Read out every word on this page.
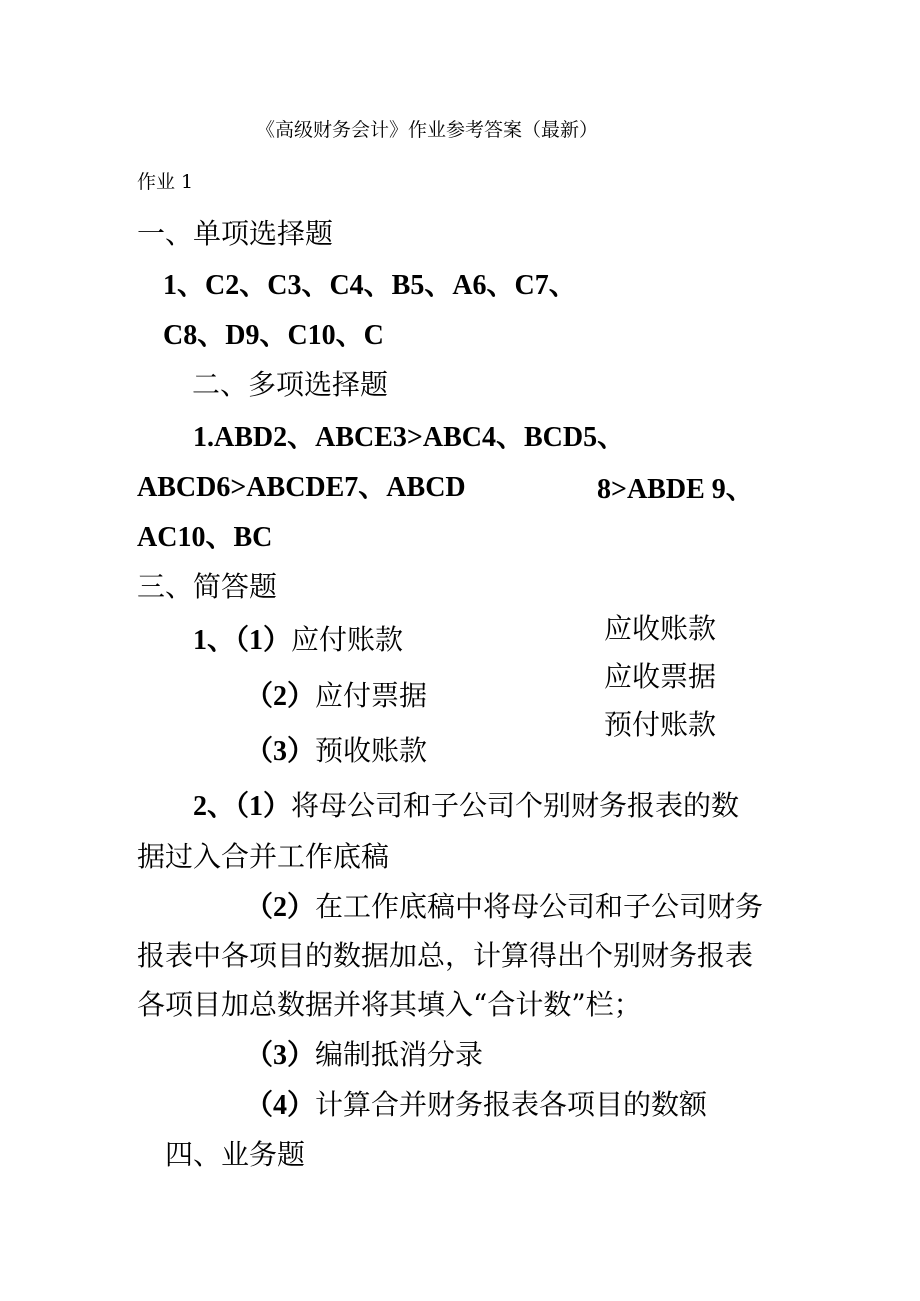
《高级财务会计》作业参考答案（最新）
作业 1
一、单项选择题
1、C2、C3、C4、B5、A6、C7、
C8、D9、C10、C
二、多项选择题
1.ABD2、ABCE3>ABC4、BCD5、
ABCD6>ABCDE7、ABCD	8>ABDE 9、
AC10、BC
三、简答题
1、（1）应付账款
（2）应付票据
（3）预收账款
应收账款
应收票据
预付账款
2、（1）将母公司和子公司个别财务报表的数
据过入合并工作底稿
（2）在工作底稿中将母公司和子公司财务
报表中各项目的数据加总，计算得出个别财务报表
各项目加总数据并将其填入“合计数”栏；
（3）编制抵消分录
（4）计算合并财务报表各项目的数额
四、业务题
